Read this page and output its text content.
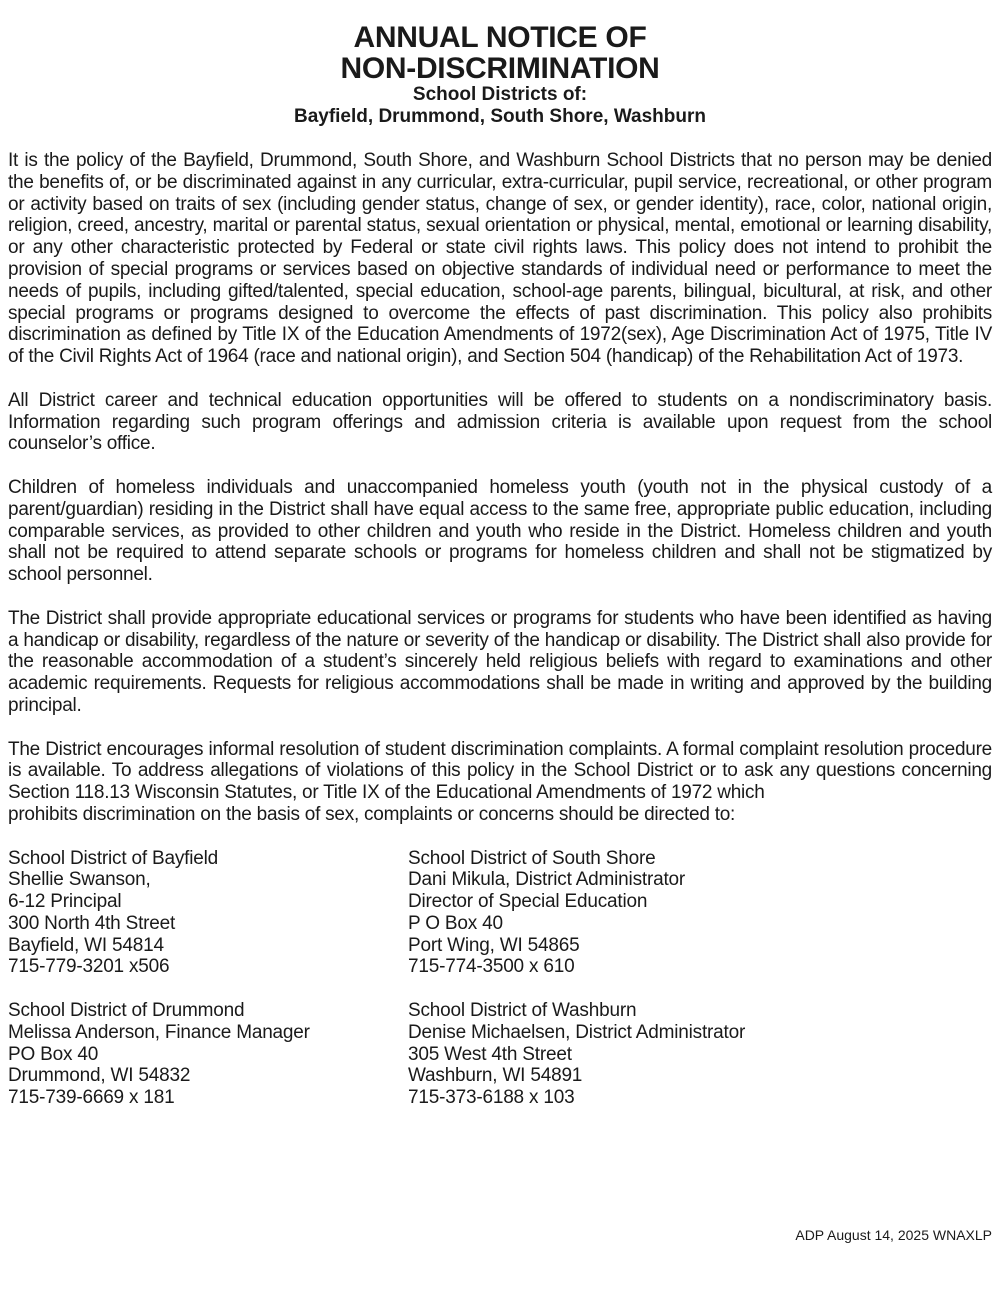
ANNUAL NOTICE OF
NON-DISCRIMINATION
School Districts of:
Bayfield, Drummond, South Shore, Washburn

It is the policy of the Bayfield, Drummond, South Shore, and Washburn School Districts that no person may be denied the benefits of, or be discriminated against in any curricular, extra-curricular, pupil service, recreational, or other program or activity based on traits of sex (including gender status, change of sex, or gender identity), race, color, national origin, religion, creed, ancestry, marital or parental status, sexual orientation or physical, mental, emotional or learning disability, or any other characteristic protected by Federal or state civil rights laws. This policy does not intend to prohibit the provision of special programs or services based on objective standards of individual need or performance to meet the needs of pupils, including gifted/talented, special education, school-age parents, bilingual, bicultural, at risk, and other special programs or programs designed to overcome the effects of past discrimination. This policy also prohibits discrimination as defined by Title IX of the Education Amendments of 1972(sex), Age Discrimination Act of 1975, Title IV of the Civil Rights Act of 1964 (race and national origin), and Section 504 (handicap) of the Rehabilitation Act of 1973.

All District career and technical education opportunities will be offered to students on a nondiscriminatory basis. Information regarding such program offerings and admission criteria is available upon request from the school counselor’s office.

Children of homeless individuals and unaccompanied homeless youth (youth not in the physical custody of a parent/guardian) residing in the District shall have equal access to the same free, appropriate public education, including comparable services, as provided to other children and youth who reside in the District. Homeless children and youth shall not be required to attend separate schools or programs for homeless children and shall not be stigmatized by school personnel.

The District shall provide appropriate educational services or programs for students who have been identified as having a handicap or disability, regardless of the nature or severity of the handicap or disability. The District shall also provide for the reasonable accommodation of a student’s sincerely held religious beliefs with regard to examinations and other academic requirements. Requests for religious accommodations shall be made in writing and approved by the building principal.

The District encourages informal resolution of student discrimination complaints. A formal complaint resolution procedure is available. To address allegations of violations of this policy in the School District or to ask any questions concerning Section 118.13 Wisconsin Statutes, or Title IX of the Educational Amendments of 1972 which
prohibits discrimination on the basis of sex, complaints or concerns should be directed to:
School District of Bayfield
Shellie Swanson,
6-12 Principal
300 North 4th Street
Bayfield, WI 54814
715-779-3201 x506
School District of South Shore
Dani Mikula, District Administrator
Director of Special Education
P O Box 40
Port Wing, WI 54865
715-774-3500 x 610
School District of Drummond
Melissa Anderson, Finance Manager
PO Box 40
Drummond, WI 54832
715-739-6669 x 181
School District of Washburn
Denise Michaelsen, District Administrator
305 West 4th Street
Washburn, WI 54891
715-373-6188 x 103
ADP August 14, 2025 WNAXLP
